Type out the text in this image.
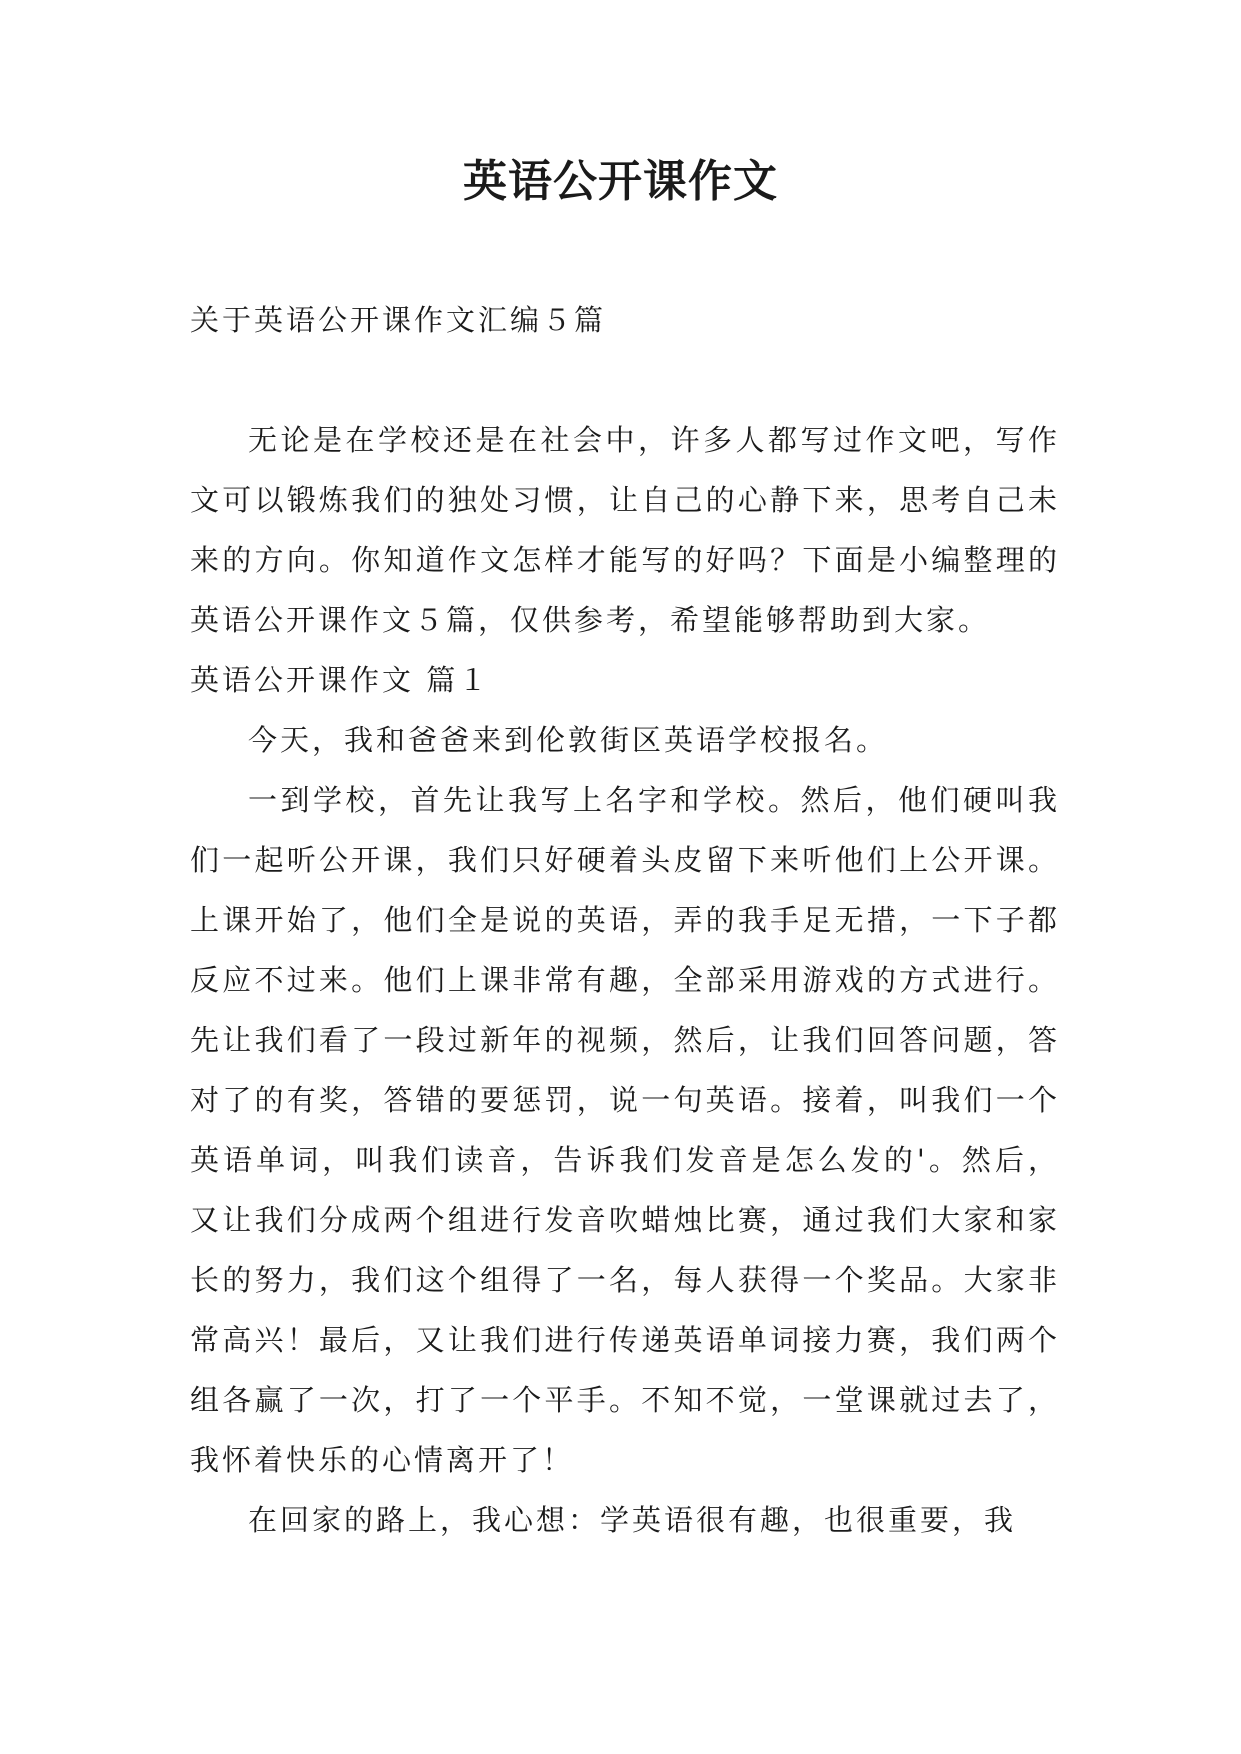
英语公开课作文

关于英语公开课作文汇编５篇

无论是在学校还是在社会中，许多人都写过作文吧，写作文可以锻炼我们的独处习惯，让自己的心静下来，思考自己未来的方向。你知道作文怎样才能写的好吗？下面是小编整理的英语公开课作文５篇，仅供参考，希望能够帮助到大家。

英语公开课作文 篇１

今天，我和爸爸来到伦敦街区英语学校报名。

一到学校，首先让我写上名字和学校。然后，他们硬叫我们一起听公开课，我们只好硬着头皮留下来听他们上公开课。上课开始了，他们全是说的英语，弄的我手足无措，一下子都反应不过来。他们上课非常有趣，全部采用游戏的方式进行。先让我们看了一段过新年的视频，然后，让我们回答问题，答对了的有奖，答错的要惩罚，说一句英语。接着，叫我们一个英语单词，叫我们读音，告诉我们发音是怎么发的'。然后，又让我们分成两个组进行发音吹蜡烛比赛，通过我们大家和家长的努力，我们这个组得了一名，每人获得一个奖品。大家非常高兴！最后，又让我们进行传递英语单词接力赛，我们两个组各赢了一次，打了一个平手。不知不觉，一堂课就过去了，我怀着快乐的心情离开了！

在回家的路上，我心想：学英语很有趣，也很重要，我
